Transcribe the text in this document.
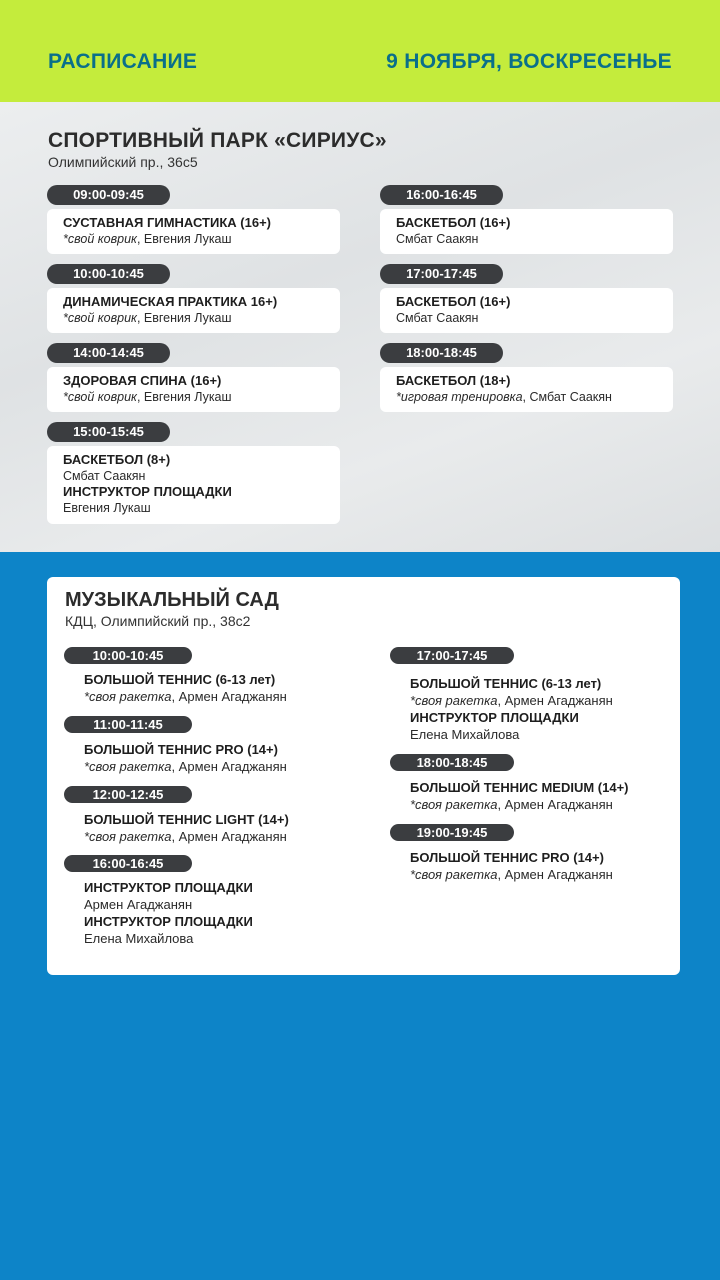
РАСПИСАНИЕ	9 НОЯБРЯ, ВОСКРЕСЕНЬЕ
СПОРТИВНЫЙ ПАРК «СИРИУС»
Олимпийский пр., 36с5
09:00-09:45
СУСТАВНАЯ ГИМНАСТИКА (16+)
*свой коврик, Евгения Лукаш
10:00-10:45
ДИНАМИЧЕСКАЯ ПРАКТИКА 16+)
*свой коврик, Евгения Лукаш
14:00-14:45
ЗДОРОВАЯ СПИНА (16+)
*свой коврик, Евгения Лукаш
15:00-15:45
БАСКЕТБОЛ (8+)
Смбат Саакян
ИНСТРУКТОР ПЛОЩАДКИ
Евгения Лукаш
16:00-16:45
БАСКЕТБОЛ (16+)
Смбат Саакян
17:00-17:45
БАСКЕТБОЛ (16+)
Смбат Саакян
18:00-18:45
БАСКЕТБОЛ (18+)
*игровая тренировка, Смбат Саакян
МУЗЫКАЛЬНЫЙ САД
КДЦ, Олимпийский пр., 38с2
10:00-10:45
БОЛЬШОЙ ТЕННИС (6-13 лет)
*своя ракетка, Армен Агаджанян
11:00-11:45
БОЛЬШОЙ ТЕННИС PRO (14+)
*своя ракетка, Армен Агаджанян
12:00-12:45
БОЛЬШОЙ ТЕННИС LIGHT (14+)
*своя ракетка, Армен Агаджанян
16:00-16:45
ИНСТРУКТОР ПЛОЩАДКИ
Армен Агаджанян
ИНСТРУКТОР ПЛОЩАДКИ
Елена Михайлова
17:00-17:45
БОЛЬШОЙ ТЕННИС (6-13 лет)
*своя ракетка, Армен Агаджанян
ИНСТРУКТОР ПЛОЩАДКИ
Елена Михайлова
18:00-18:45
БОЛЬШОЙ ТЕННИС MEDIUM (14+)
*своя ракетка, Армен Агаджанян
19:00-19:45
БОЛЬШОЙ ТЕННИС PRO (14+)
*своя ракетка, Армен Агаджанян
